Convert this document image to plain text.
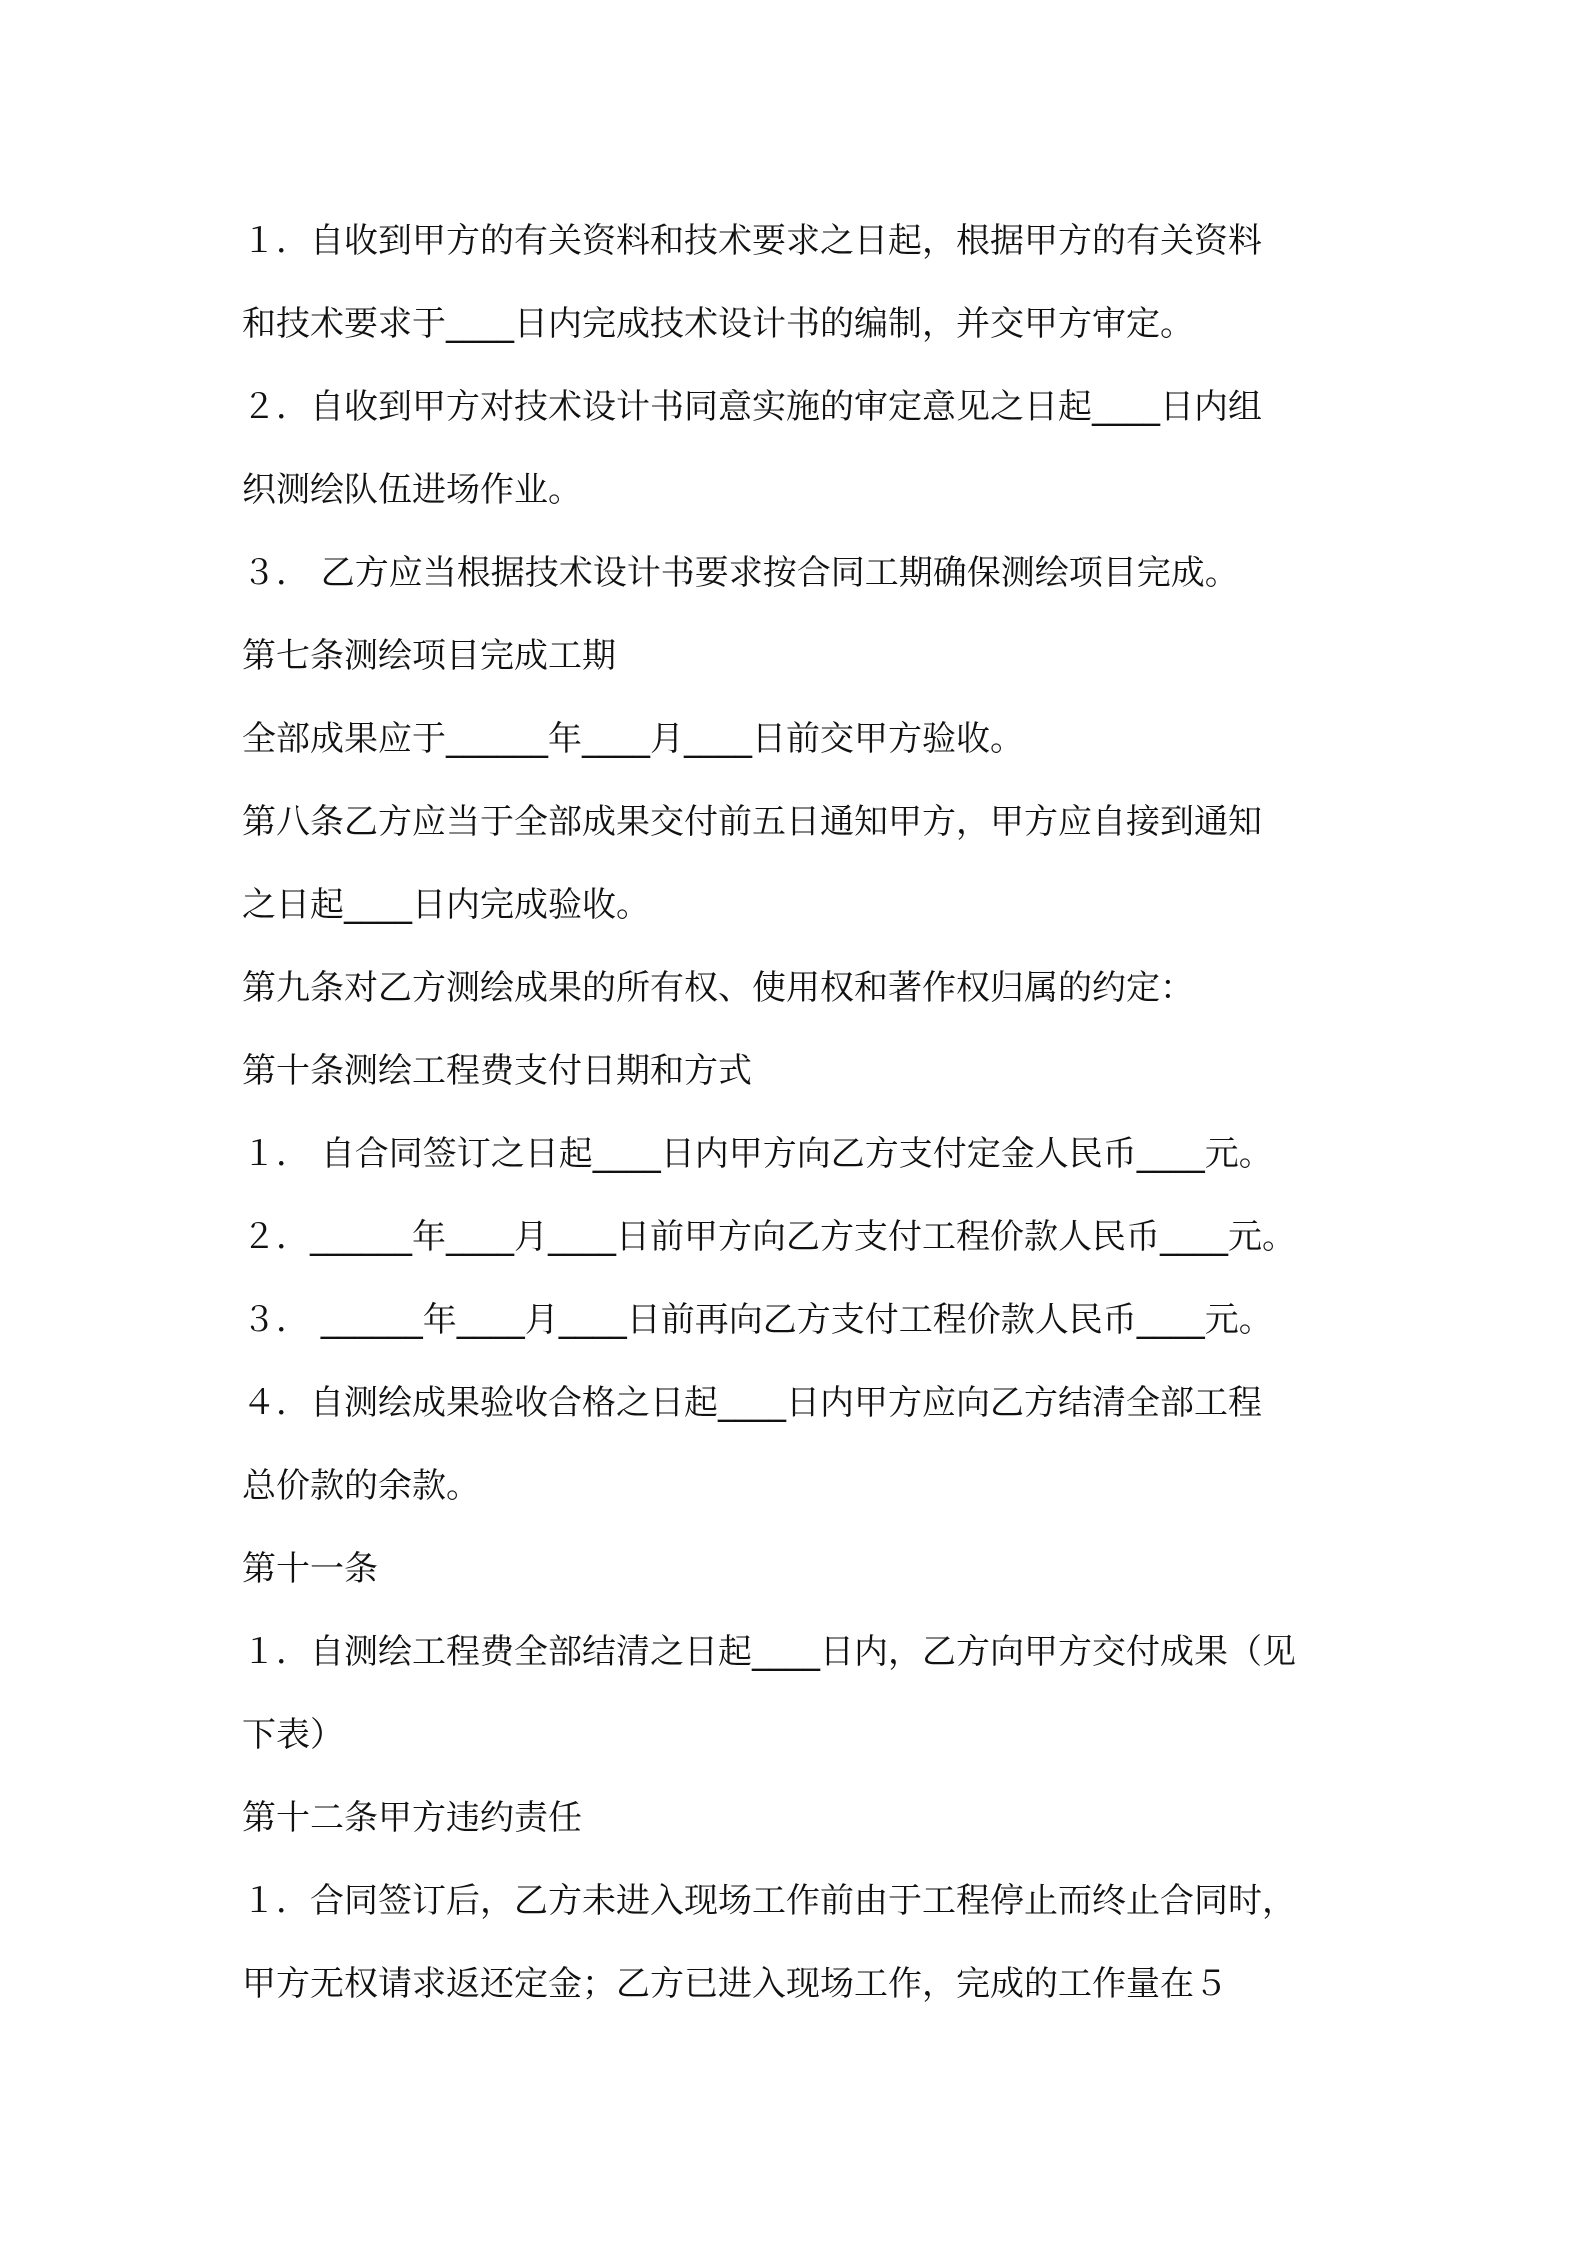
１．自收到甲方的有关资料和技术要求之日起，根据甲方的有关资料

和技术要求于____日内完成技术设计书的编制，并交甲方审定。

２．自收到甲方对技术设计书同意实施的审定意见之日起____日内组

织测绘队伍进场作业。

３． 乙方应当根据技术设计书要求按合同工期确保测绘项目完成。

第七条测绘项目完成工期

全部成果应于______年____月____日前交甲方验收。

第八条乙方应当于全部成果交付前五日通知甲方，甲方应自接到通知

之日起____日内完成验收。

第九条对乙方测绘成果的所有权、使用权和著作权归属的约定：

第十条测绘工程费支付日期和方式

１． 自合同签订之日起____日内甲方向乙方支付定金人民币____元。

２．______年____月____日前甲方向乙方支付工程价款人民币____元。

３． ______年____月____日前再向乙方支付工程价款人民币____元。

４．自测绘成果验收合格之日起____日内甲方应向乙方结清全部工程

总价款的余款。

第十一条

１．自测绘工程费全部结清之日起____日内，乙方向甲方交付成果（见

下表）

第十二条甲方违约责任

１．合同签订后，乙方未进入现场工作前由于工程停止而终止合同时，

甲方无权请求返还定金；乙方已进入现场工作，完成的工作量在５
